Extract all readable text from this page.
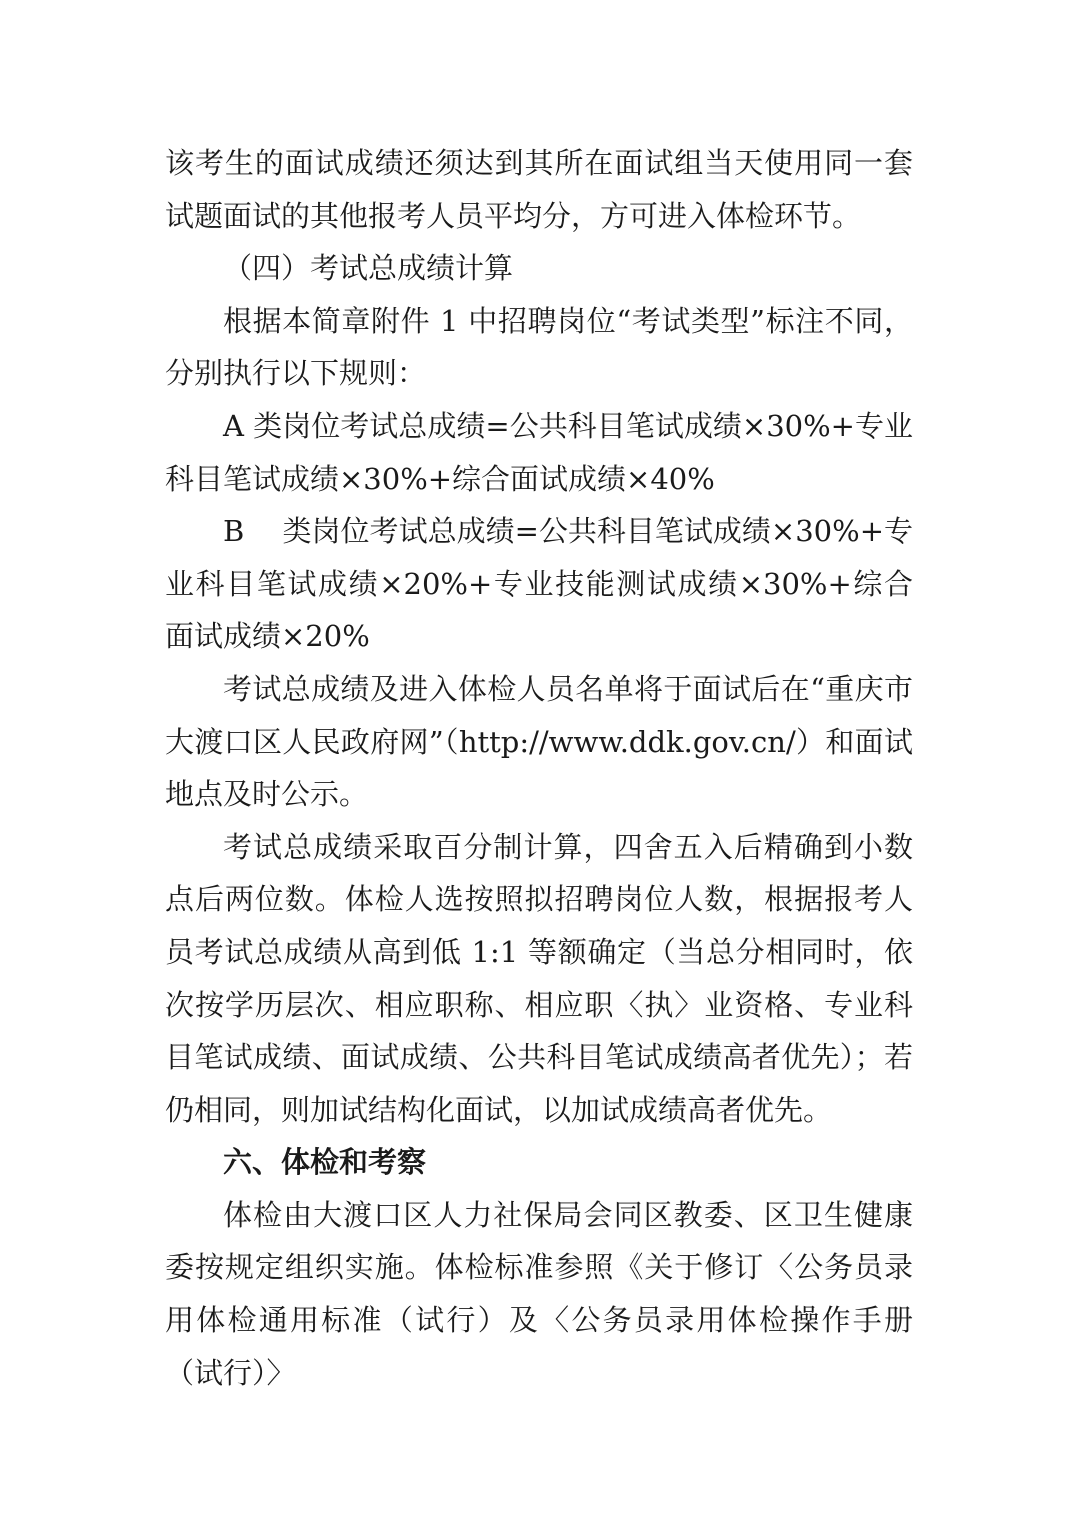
该考生的面试成绩还须达到其所在面试组当天使用同一套试题面试的其他报考人员平均分，方可进入体检环节。

（四）考试总成绩计算

根据本简章附件 1 中招聘岗位“考试类型”标注不同，分别执行以下规则：

A 类岗位考试总成绩=公共科目笔试成绩×30%+专业科目笔试成绩×30%+综合面试成绩×40%

B　 类岗位考试总成绩=公共科目笔试成绩×30%+专业科目笔试成绩×20%+专业技能测试成绩×30%+综合面试成绩×20%

考试总成绩及进入体检人员名单将于面试后在“重庆市大渡口区人民政府网”（http://www.ddk.gov.cn/）和面试地点及时公示。

考试总成绩采取百分制计算，四舍五入后精确到小数点后两位数。体检人选按照拟招聘岗位人数，根据报考人员考试总成绩从高到低 1:1 等额确定（当总分相同时，依次按学历层次、相应职称、相应职〈执〉业资格、专业科目笔试成绩、面试成绩、公共科目笔试成绩高者优先）；若仍相同，则加试结构化面试，以加试成绩高者优先。

六、体检和考察

体检由大渡口区人力社保局会同区教委、区卫生健康委按规定组织实施。体检标准参照《关于修订〈公务员录用体检通用标准（试行）及〈公务员录用体检操作手册（试行）〉
